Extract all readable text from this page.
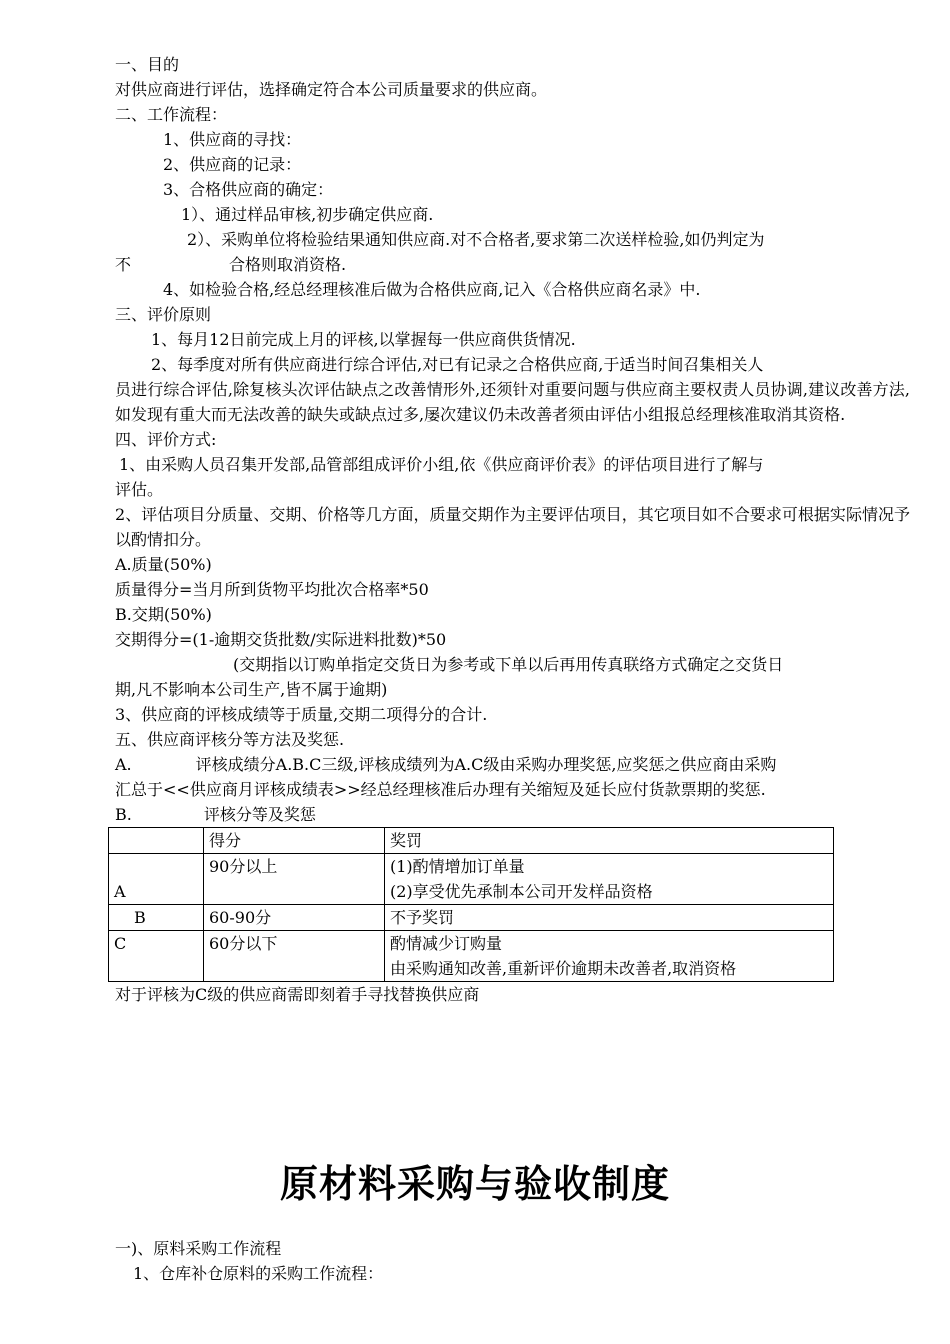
一、目的
对供应商进行评估，选择确定符合本公司质量要求的供应商。
二、工作流程：
1、供应商的寻找：
2、供应商的记录：
3、合格供应商的确定：
1）、通过样品审核,初步确定供应商.
2）、采购单位将检验结果通知供应商.对不合格者,要求第二次送样检验,如仍判定为
不	合格则取消资格.
4、如检验合格,经总经理核准后做为合格供应商,记入《合格供应商名录》中.
三、评价原则
1、每月12日前完成上月的评核,以掌握每一供应商供货情况.
2、每季度对所有供应商进行综合评估,对已有记录之合格供应商,于适当时间召集相关人
员进行综合评估,除复核头次评估缺点之改善情形外,还须针对重要问题与供应商主要权责人员协调,建议改善方法,如发现有重大而无法改善的缺失或缺点过多,屡次建议仍未改善者须由评估小组报总经理核准取消其资格.
四、评价方式:
1、由采购人员召集开发部,品管部组成评价小组,依《供应商评价表》的评估项目进行了解与
评估。
2、评估项目分质量、交期、价格等几方面，质量交期作为主要评估项目，其它项目如不合要求可根据实际情况予以酌情扣分。
A.质量(50%)
质量得分=当月所到货物平均批次合格率*50
B.交期(50%)
交期得分=(1-逾期交货批数/实际进料批数)*50
(交期指以订购单指定交货日为参考或下单以后再用传真联络方式确定之交货日
期,凡不影响本公司生产,皆不属于逾期)
3、供应商的评核成绩等于质量,交期二项得分的合计.
五、供应商评核分等方法及奖惩.
A.	评核成绩分A.B.C三级,评核成绩列为A.C级由采购办理奖惩,应奖惩之供应商由采购
汇总于<<供应商月评核成绩表>>经总经理核准后办理有关缩短及延长应付货款票期的奖惩.
B.	评核分等及奖惩
	得分	奖罚
A	90分以上	(1)酌情增加订单量
(2)享受优先承制本公司开发样品资格

B	60-90分	不予奖罚

C	60分以下	酌情减少订购量
由采购通知改善,重新评价逾期未改善者,取消资格
对于评核为C级的供应商需即刻着手寻找替换供应商
原材料采购与验收制度
一)、原料采购工作流程
1、仓库补仓原料的采购工作流程：
